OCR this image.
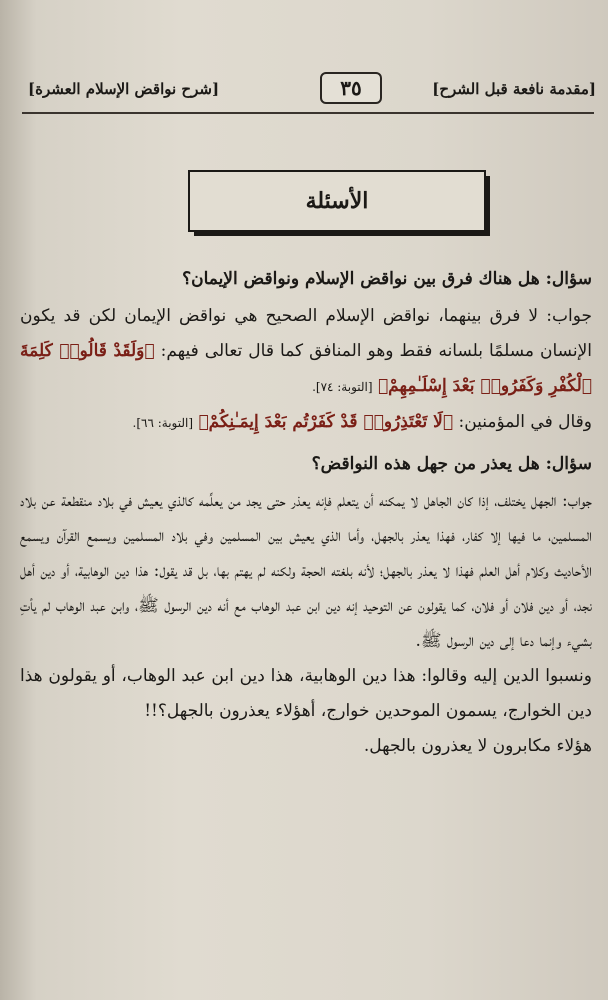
[مقدمة نافعة قبل الشرح]
٣٥
[شرح نواقض الإسلام العشرة]
الأسئلة

سؤال: هل هناك فرق بين نواقض الإسلام ونواقض الإيمان؟

جواب: لا فرق بينهما، نواقض الإسلام الصحيح هي نواقض الإيمان لكن قد يكون الإنسان مسلمًا بلسانه فقط وهو المنافق كما قال تعالى فيهم: ﴿وَلَقَدْ قَالُوا۟ كَلِمَةَ ٱلْكُفْرِ وَكَفَرُوا۟ بَعْدَ إِسْلَـٰمِهِمْ﴾ [التوبة: ٧٤].

وقال في المؤمنين: ﴿لَا تَعْتَذِرُوا۟ قَدْ كَفَرْتُم بَعْدَ إِيمَـٰنِكُمْ﴾ [التوبة: ٦٦].

سؤال: هل يعذر من جهل هذه النواقض؟

جواب: الجهل يختلف، إذا كان الجاهل لا يمكنه أن يتعلم فإنه يعذر حتى يجد من يعلِّمه كالذي يعيش في بلاد منقطعة عن بلاد المسلمين، ما فيها إلا كفار، فهذا يعذر بالجهل، وأما الذي يعيش بين المسلمين وفي بلاد المسلمين ويسمع القرآن ويسمع الأحاديث وكلام أهل العلم فهذا لا يعذر بالجهل؛ لأنه بلغته الحجة ولكنه لم يهتم بها، بل قد يقول: هذا دين الوهابية، أو دين أهل نجد، أو دين فلان أو فلان، كما يقولون عن التوحيد إنه دين ابن عبد الوهاب مع أنه دين الرسول ﷺ، وابن عبد الوهاب لم يأتِ بشيء وإنما دعا إلى دين الرسول ﷺ.

ونسبوا الدين إليه وقالوا: هذا دين الوهابية، هذا دين ابن عبد الوهاب، أو يقولون هذا دين الخوارج، يسمون الموحدين خوارج، أهؤلاء يعذرون بالجهل؟!!

هؤلاء مكابرون لا يعذرون بالجهل.
